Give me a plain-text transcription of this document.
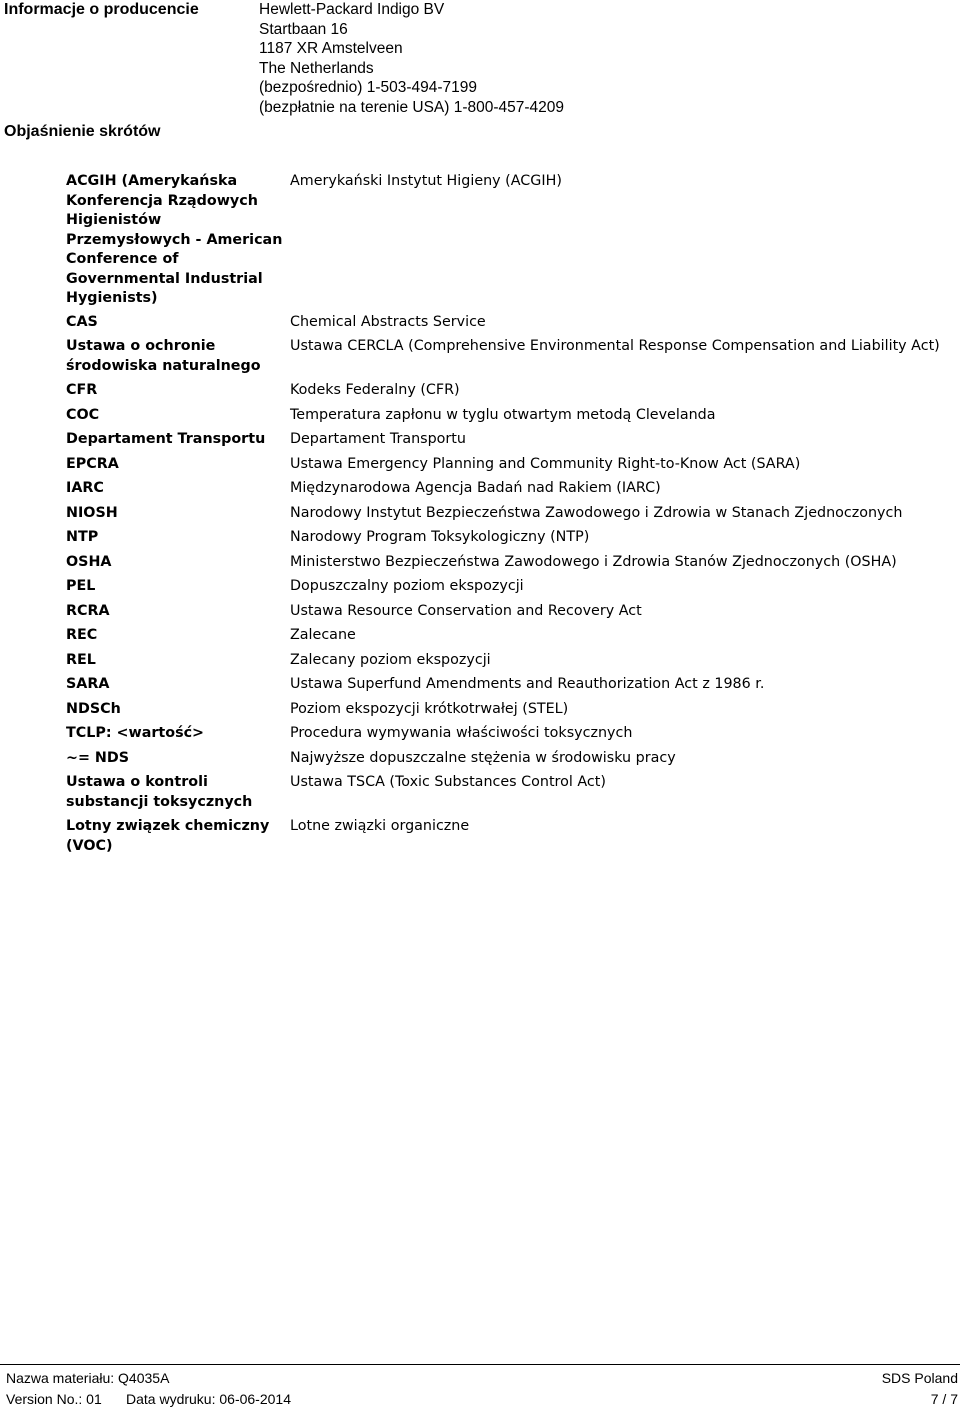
Informacje o producencie	Hewlett-Packard Indigo BV
Startbaan 16
1187 XR Amstelveen
The Netherlands
(bezpośrednio) 1-503-494-7199
(bezpłatnie na terenie USA) 1-800-457-4209
Objaśnienie skrótów
ACGIH (Amerykańska Konferencja Rządowych Higienistów Przemysłowych - American Conference of Governmental Industrial Hygienists)	Amerykański Instytut Higieny (ACGIH)
CAS	Chemical Abstracts Service
Ustawa o ochronie środowiska naturalnego	Ustawa CERCLA (Comprehensive Environmental Response Compensation and Liability Act)
CFR	Kodeks Federalny (CFR)
COC	Temperatura zapłonu w tyglu otwartym metodą Clevelanda
Departament Transportu	Departament Transportu
EPCRA	Ustawa Emergency Planning and Community Right-to-Know Act (SARA)
IARC	Międzynarodowa Agencja Badań nad Rakiem (IARC)
NIOSH	Narodowy Instytut Bezpieczeństwa Zawodowego i Zdrowia w Stanach Zjednoczonych
NTP	Narodowy Program Toksykologiczny (NTP)
OSHA	Ministerstwo Bezpieczeństwa Zawodowego i Zdrowia Stanów Zjednoczonych (OSHA)
PEL	Dopuszczalny poziom ekspozycji
RCRA	Ustawa Resource Conservation and Recovery Act
REC	Zalecane
REL	Zalecany poziom ekspozycji
SARA	Ustawa Superfund Amendments and Reauthorization Act z 1986 r.
NDSCh	Poziom ekspozycji krótkotrwałej (STEL)
TCLP: <wartość>	Procedura wymywania właściwości toksycznych
~= NDS	Najwyższe dopuszczalne stężenia w środowisku pracy
Ustawa o kontroli substancji toksycznych	Ustawa TSCA (Toxic Substances Control Act)
Lotny związek chemiczny (VOC)	Lotne związki organiczne
Nazwa materiału: Q4035A	SDS Poland
Version No.: 01 Data wydruku: 06-06-2014	7 / 7
